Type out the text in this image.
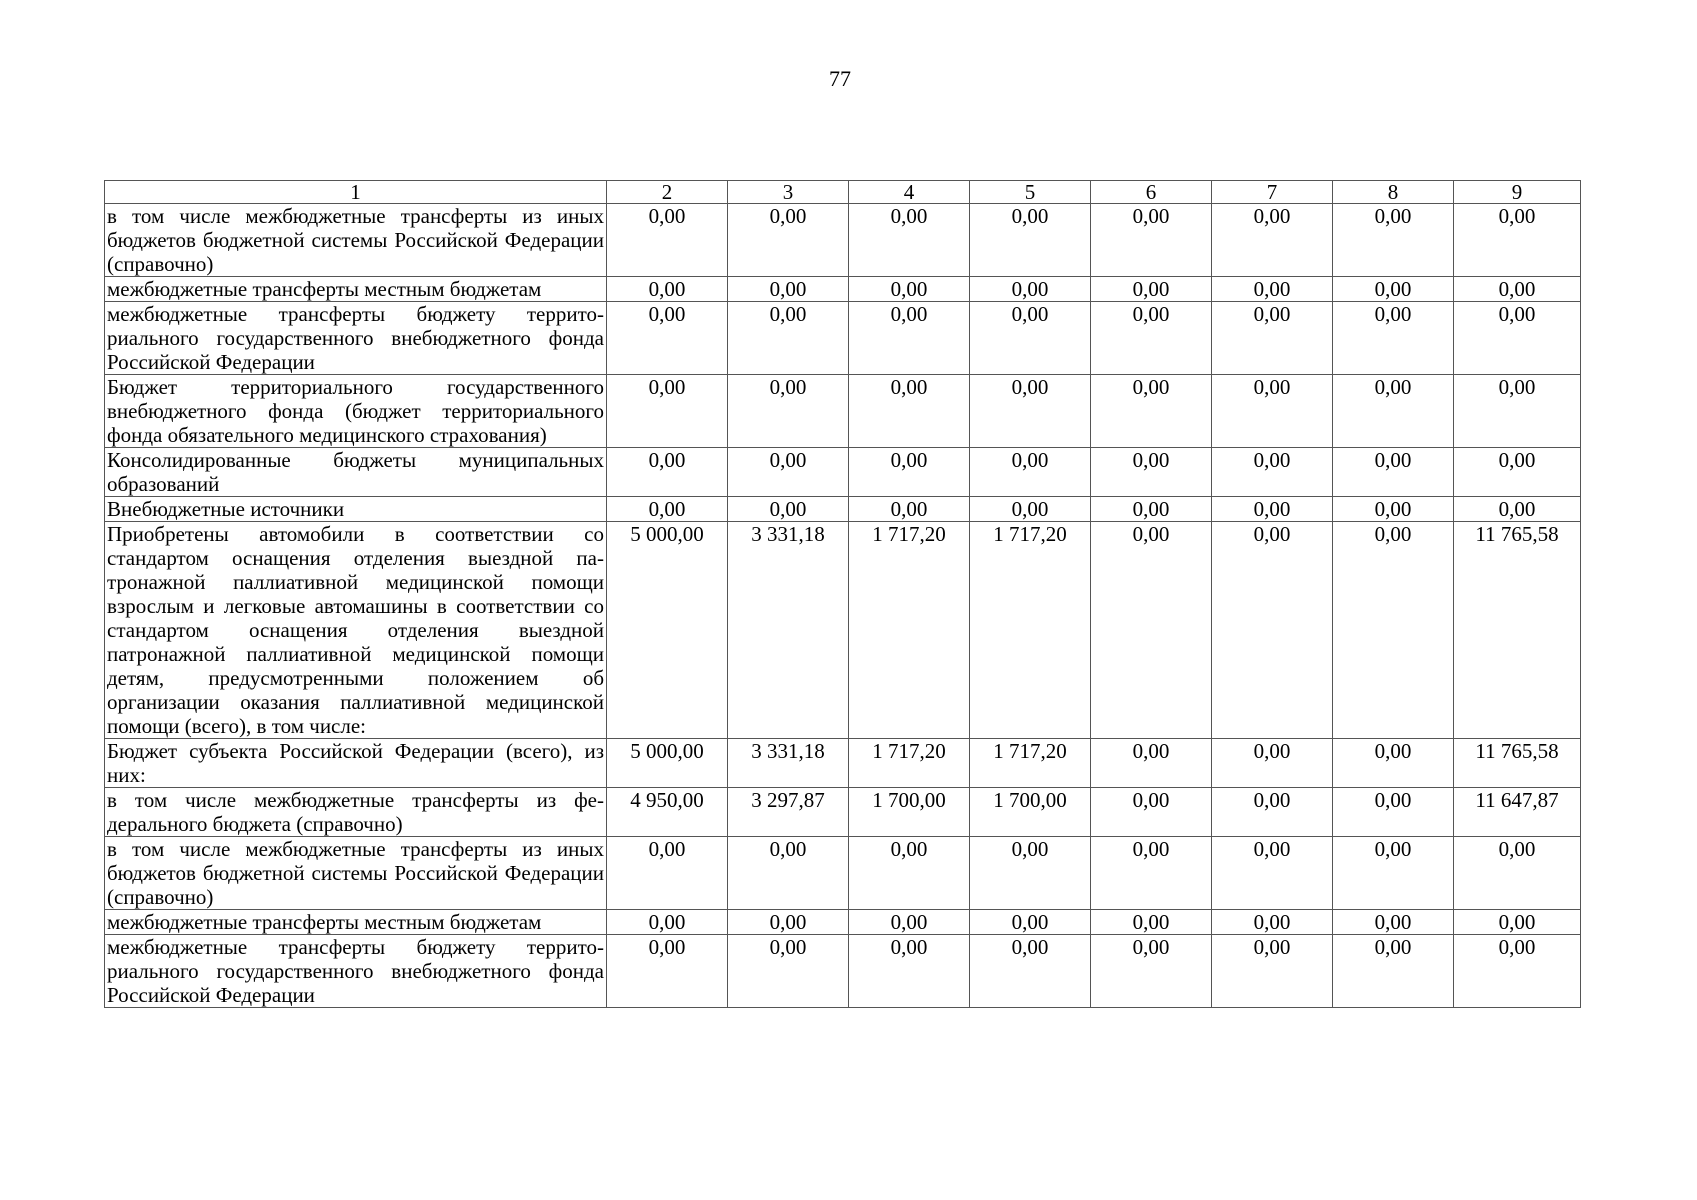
77
1	2	3	4	5	6	7	8	9
в том числе межбюджетные трансферты из иных бюджетов бюджетной системы Российской Федерации (справочно)	0,00	0,00	0,00	0,00	0,00	0,00	0,00	0,00
межбюджетные трансферты местным бюджетам	0,00	0,00	0,00	0,00	0,00	0,00	0,00	0,00
межбюджетные трансферты бюджету территориального государственного внебюджетного фонда Российской Федерации	0,00	0,00	0,00	0,00	0,00	0,00	0,00	0,00
Бюджет территориального государственного внебюджетного фонда (бюджет территориального фонда обязательного медицинского страхования)	0,00	0,00	0,00	0,00	0,00	0,00	0,00	0,00
Консолидированные бюджеты муниципальных образований	0,00	0,00	0,00	0,00	0,00	0,00	0,00	0,00
Внебюджетные источники	0,00	0,00	0,00	0,00	0,00	0,00	0,00	0,00
Приобретены автомобили в соответствии со стандартом оснащения отделения выездной патронажной паллиативной медицинской помощи взрослым и легковые автомашины в соответствии со стандартом оснащения отделения выездной патронажной паллиативной медицинской помощи детям, предусмотренными положением об организации оказания паллиативной медицинской помощи (всего), в том числе:	5 000,00	3 331,18	1 717,20	1 717,20	0,00	0,00	0,00	11 765,58
Бюджет субъекта Российской Федерации (всего), из них:	5 000,00	3 331,18	1 717,20	1 717,20	0,00	0,00	0,00	11 765,58
в том числе межбюджетные трансферты из федерального бюджета (справочно)	4 950,00	3 297,87	1 700,00	1 700,00	0,00	0,00	0,00	11 647,87
в том числе межбюджетные трансферты из иных бюджетов бюджетной системы Российской Федерации (справочно)	0,00	0,00	0,00	0,00	0,00	0,00	0,00	0,00
межбюджетные трансферты местным бюджетам	0,00	0,00	0,00	0,00	0,00	0,00	0,00	0,00
межбюджетные трансферты бюджету территориального государственного внебюджетного фонда Российской Федерации	0,00	0,00	0,00	0,00	0,00	0,00	0,00	0,00
